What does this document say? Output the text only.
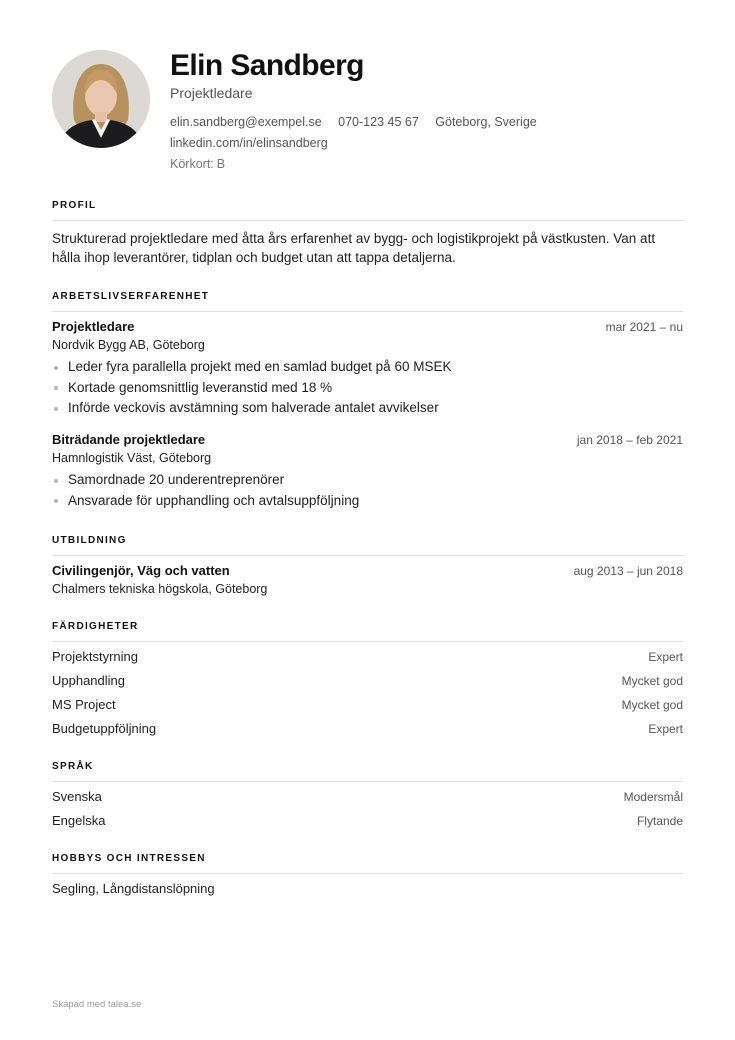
Elin Sandberg
Projektledare
elin.sandberg@exempel.se 070-123 45 67 Göteborg, Sverige
linkedin.com/in/elinsandberg
Körkort: B
PROFIL
Strukturerad projektledare med åtta års erfarenhet av bygg- och logistikprojekt på västkusten. Van att hålla ihop leverantörer, tidplan och budget utan att tappa detaljerna.
ARBETSLIVSERFARENHET
Projektledare	mar 2021 – nu
Nordvik Bygg AB, Göteborg
Leder fyra parallella projekt med en samlad budget på 60 MSEK
Kortade genomsnittlig leveranstid med 18 %
Införde veckovis avstämning som halverade antalet avvikelser
Biträdande projektledare	jan 2018 – feb 2021
Hamnlogistik Väst, Göteborg
Samordnade 20 underentreprenörer
Ansvarade för upphandling och avtalsuppföljning
UTBILDNING
Civilingenjör, Väg och vatten	aug 2013 – jun 2018
Chalmers tekniska högskola, Göteborg
FÄRDIGHETER
Projektstyrning	Expert
Upphandling	Mycket god
MS Project	Mycket god
Budgetuppföljning	Expert
SPRÅK
Svenska	Modersmål
Engelska	Flytande
HOBBYS OCH INTRESSEN
Segling, Långdistanslöpning
Skapad med talea.se
